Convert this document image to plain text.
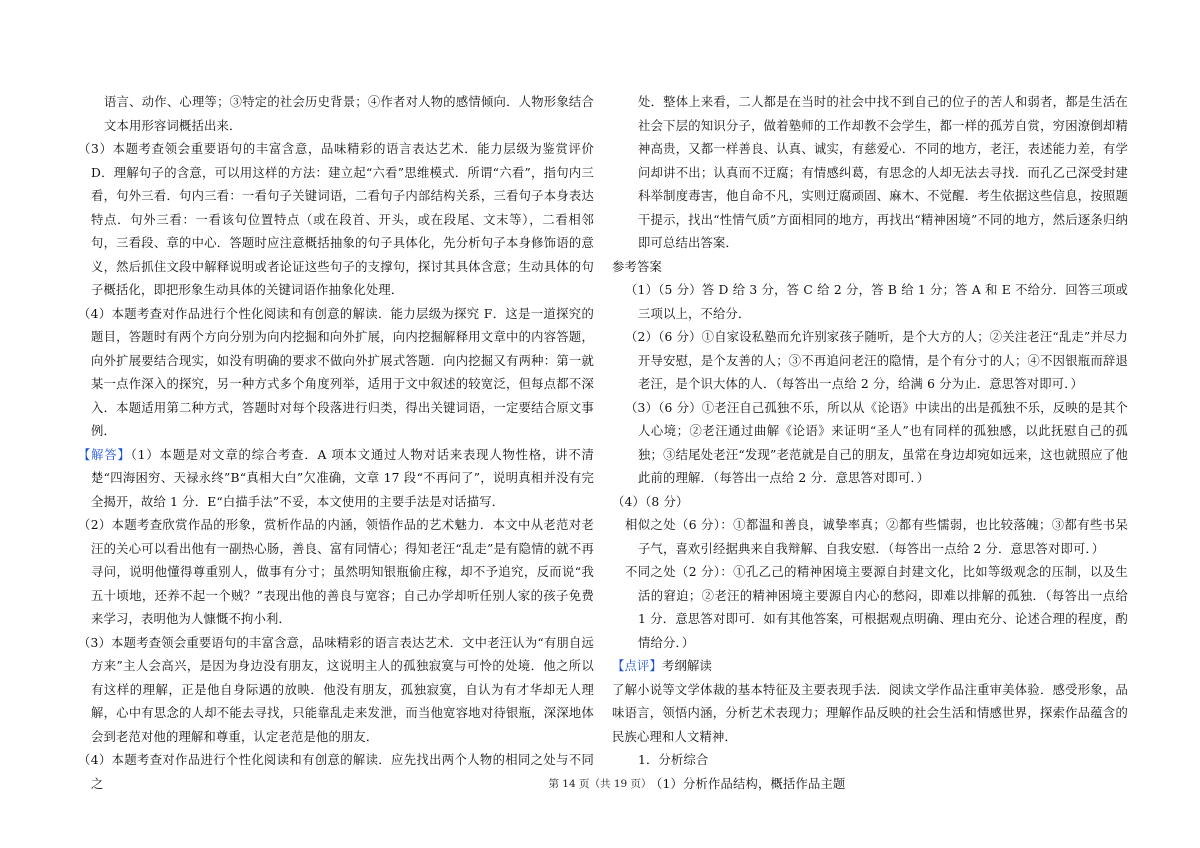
语言、动作、心理等；③特定的社会历史背景；④作者对人物的感情倾向．人物形象结合文本用形容词概括出来．

（3）本题考查领会重要语句的丰富含意，品味精彩的语言表达艺术．能力层级为鉴赏评价 D．理解句子的含意，可以用这样的方法：建立起“六看”思维模式．所谓“六看”，指句内三看，句外三看．句内三看：一看句子关键词语，二看句子内部结构关系，三看句子本身表达特点．句外三看：一看该句位置特点（或在段首、开头，或在段尾、文末等），二看相邻句，三看段、章的中心．答题时应注意概括抽象的句子具体化，先分析句子本身修饰语的意义，然后抓住文段中解释说明或者论证这些句子的支撑句，探讨其具体含意；生动具体的句子概括化，即把形象生动具体的关键词语作抽象化处理．

（4）本题考查对作品进行个性化阅读和有创意的解读．能力层级为探究 F．这是一道探究的题目，答题时有两个方向分别为向内挖掘和向外扩展，向内挖掘解释用文章中的内容答题，向外扩展要结合现实，如没有明确的要求不做向外扩展式答题．向内挖掘又有两种：第一就某一点作深入的探究，另一种方式多个角度列举，适用于文中叙述的较宽泛，但每点都不深入．本题适用第二种方式，答题时对每个段落进行归类，得出关键词语，一定要结合原文事例．

【解答】（1）本题是对文章的综合考查．A 项本文通过人物对话来表现人物性格，讲不清楚“四海困穷、天禄永终”B“真相大白”欠准确，文章 17 段“不再问了”，说明真相并没有完全揭开，故给 1 分．E“白描手法”不妥，本文使用的主要手法是对话描写．

（2）本题考查欣赏作品的形象，赏析作品的内涵，领悟作品的艺术魅力．本文中从老范对老汪的关心可以看出他有一副热心肠，善良、富有同情心；得知老汪“乱走”是有隐情的就不再寻问，说明他懂得尊重别人，做事有分寸；虽然明知银瓶偷庄稼，却不予追究，反而说“我五十顷地，还养不起一个贼？”表现出他的善良与宽容；自己办学却听任别人家的孩子免费来学习，表明他为人慷慨不拘小利．

（3）本题考查领会重要语句的丰富含意，品味精彩的语言表达艺术．文中老汪认为“有朋自远方来”主人会高兴，是因为身边没有朋友，这说明主人的孤独寂寞与可怜的处境．他之所以有这样的理解，正是他自身际遇的放映．他没有朋友，孤独寂寞，自认为有才华却无人理解，心中有思念的人却不能去寻找，只能靠乱走来发泄，而当他宽容地对待银瓶，深深地体会到老范对他的理解和尊重，认定老范是他的朋友．

（4）本题考查对作品进行个性化阅读和有创意的解读．应先找出两个人物的相同之处与不同之

处．整体上来看，二人都是在当时的社会中找不到自己的位子的苦人和弱者，都是生活在社会下层的知识分子，做着塾师的工作却教不会学生，都一样的孤芳自赏，穷困潦倒却精神高贵，又都一样善良、认真、诚实，有慈爱心．不同的地方，老汪，表述能力差，有学问却讲不出；认真而不迂腐；有情感纠葛，有思念的人却无法去寻找．而孔乙己深受封建科举制度毒害，他自命不凡，实则迂腐顽固、麻木、不觉醒．考生依据这些信息，按照题干提示，找出“性情气质”方面相同的地方，再找出“精神困境”不同的地方，然后逐条归纳即可总结出答案．

参考答案

（1）（5 分）答 D 给 3 分，答 C 给 2 分，答 B 给 1 分；答 A 和 E 不给分．回答三项或三项以上，不给分．

（2）（6 分）①自家设私塾而允许别家孩子随听，是个大方的人；②关注老汪“乱走”并尽力开导安慰，是个友善的人；③不再追问老汪的隐情，是个有分寸的人；④不因银瓶而辞退老汪，是个识大体的人．（每答出一点给 2 分，给满 6 分为止．意思答对即可．）

（3）（6 分）①老汪自己孤独不乐，所以从《论语》中读出的出是孤独不乐，反映的是其个人心境；②老汪通过曲解《论语》来证明“圣人”也有同样的孤独感，以此抚慰自己的孤独；③结尾处老汪“发现”老范就是自己的朋友，虽常在身边却宛如远来，这也就照应了他此前的理解．（每答出一点给 2 分．意思答对即可．）

（4）（8 分）

相似之处（6 分）：①都温和善良，诚挚率真；②都有些懦弱，也比较落魄；③都有些书呆子气，喜欢引经据典来自我辩解、自我安慰．（每答出一点给 2 分．意思答对即可．）

不同之处（2 分）：①孔乙己的精神困境主要源自封建文化，比如等级观念的压制，以及生活的窘迫；②老汪的精神困境主要源自内心的愁闷，即难以排解的孤独．（每答出一点给 1 分．意思答对即可．如有其他答案，可根据观点明确、理由充分、论述合理的程度，酌情给分．）

【点评】考纲解读

了解小说等文学体裁的基本特征及主要表现手法．阅读文学作品注重审美体验．感受形象，品味语言，领悟内涵，分析艺术表现力；理解作品反映的社会生活和情感世界，探索作品蕴含的民族心理和人文精神．

1．分析综合

（1）分析作品结构，概括作品主题

第 14 页（共 19 页）
